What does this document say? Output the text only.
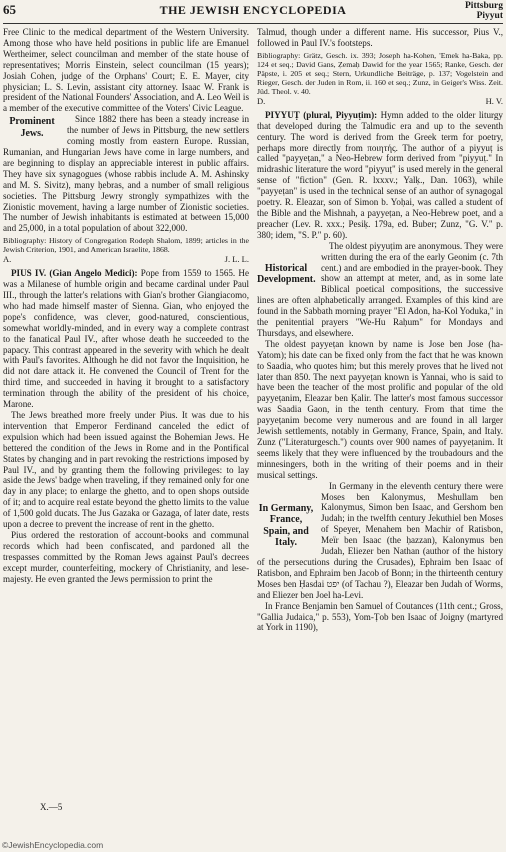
65	THE JEWISH ENCYCLOPEDIA	Pittsburg
Piyyut

Free Clinic to the medical department of the Western University. Among those who have held positions in public life are Emanuel Wertheimer, select councilman and member of the state house of representatives; Morris Einstein, select councilman (15 years); Josiah Cohen, judge of the Orphans' Court; E. E. Mayer, city physician; L. S. Levin, assistant city attorney. Isaac W. Frank is president of the National Founders' Association, and A. Leo Weil is a member of the executive committee of the Voters' Civic League.

Prominent Jews.

Since 1882 there has been a steady increase in the number of Jews in Pittsburg, the new settlers coming mostly from eastern Europe. Russian, Rumanian, and Hungarian Jews have come in large numbers, and are beginning to display an appreciable interest in public affairs. They have six synagogues (whose rabbis include A. M. Ashinsky and M. S. Sivitz), many ḥebras, and a number of small religious societies. The Pittsburg Jewry strongly sympathizes with the Zionistic movement, having a large number of Zionistic societies. The number of Jewish inhabitants is estimated at between 15,000 and 25,000, in a total population of about 322,000.

Bibliography: History of Congregation Rodeph Shalom, 1899; articles in the Jewish Criterion, 1901, and American Israelite, 1868.

A.	J. L. L.

PIUS IV. (Gian Angelo Medici): Pope from 1559 to 1565. He was a Milanese of humble origin and became cardinal under Paul III., through the latter's relations with Gian's brother Giangiacomo, who had made himself master of Sienna. Gian, who enjoyed the pope's confidence, was clever, good-natured, conscientious, somewhat worldly-minded, and in every way a complete contrast to the fanatical Paul IV., after whose death he succeeded to the papacy. This contrast appeared in the severity with which he dealt with Paul's favorites. Although he did not favor the Inquisition, he did not dare attack it. He convened the Council of Trent for the third time, and succeeded in having it brought to a satisfactory termination through the ability of the president of his choice, Marone.

The Jews breathed more freely under Pius. It was due to his intervention that Emperor Ferdinand canceled the edict of expulsion which had been issued against the Bohemian Jews. He bettered the condition of the Jews in Rome and in the Pontifical States by changing and in part revoking the restrictions imposed by Paul IV., and by granting them the following privileges: to lay aside the Jews' badge when traveling, if they remained only for one day in any place; to enlarge the ghetto, and to open shops outside of it; and to acquire real estate beyond the ghetto limits to the value of 1,500 gold ducats. The Jus Gazaka or Gazaga, of later date, rests upon a decree to prevent the increase of rent in the ghetto.

Pius ordered the restoration of account-books and communal records which had been confiscated, and pardoned all the trespasses committed by the Roman Jews against Paul's decrees except murder, counterfeiting, mockery of Christianity, and lese-majesty. He even granted the Jews permission to print the

Talmud, though under a different name. His successor, Pius V., followed in Paul IV.'s footsteps.

Bibliography: Grätz, Gesch. ix. 393; Joseph ha-Kohen, 'Emek ha-Baka, pp. 124 et seq.; David Gans, Ẓemaḥ Dawid for the year 1565; Ranke, Gesch. der Päpste, i. 205 et seq.; Stern, Urkundliche Beiträge, p. 137; Vogelstein and Rieger, Gesch. der Juden in Rom, ii. 160 et seq.; Zunz, in Geiger's Wiss. Zeit. Jüd. Theol. v. 40.

D.	H. V.

PIYYUṬ (plural, Piyyuṭim): Hymn added to the older liturgy that developed during the Talmudic era and up to the seventh century. The word is derived from the Greek term for poetry, perhaps more directly from ποιητής. The author of a piyyuṭ is called "payyeṭan," a Neo-Hebrew form derived from "piyyuṭ." In midrashic literature the word "piyyuṭ" is used merely in the general sense of "fiction" (Gen. R. lxxxv.; Yalḳ., Dan. 1063), while "payyeṭan" is used in the technical sense of an author of synagogal poetry. R. Eleazar, son of Simon b. Yoḥai, was called a student of the Bible and the Mishnah, a payyeṭan, a Neo-Hebrew poet, and a preacher (Lev. R. xxx.; Pesiḳ. 179a, ed. Buber; Zunz, "G. V." p. 380; idem, "S. P." p. 60).

Historical Development.

The oldest piyyuṭim are anonymous. They were written during the era of the early Geonim (c. 7th cent.) and are embodied in the prayer-book. They show an attempt at meter, and, as in some late Biblical poetical compositions, the successive lines are often alphabetically arranged. Examples of this kind are found in the Sabbath morning prayer "El Adon, ha-Kol Yoduka," in the penitential prayers "We-Hu Raḥum" for Mondays and Thursdays, and elsewhere.

The oldest payyeṭan known by name is Jose ben Jose (ha-Yatom); his date can be fixed only from the fact that he was known to Saadia, who quotes him; but this merely proves that he lived not later than 850. The next payyeṭan known is Yannai, who is said to have been the teacher of the most prolific and popular of the old payyeṭanim, Eleazar ben Ḳalir. The latter's most famous successor was Saadia Gaon, in the tenth century. From that time the payyeṭanim become very numerous and are found in all larger Jewish settlements, notably in Germany, France, Spain, and Italy. Zunz ("Literaturgesch.") counts over 900 names of payyeṭanim. It seems likely that they were influenced by the troubadours and the minnesingers, both in the writing of their poems and in their musical settings.

In Germany, France, Spain, and Italy.

In Germany in the eleventh century there were Moses ben Kalonymus, Meshullam ben Kalonymus, Simon ben Isaac, and Gershom ben Judah; in the twelfth century Jekuthiel ben Moses of Speyer, Menahem ben Machir of Ratisbon, Meïr ben Isaac (the ḥazzan), Kalonymus ben Judah, Eliezer ben Nathan (author of the history of the persecutions during the Crusades), Ephraim ben Isaac of Ratisbon, and Ephraim ben Jacob of Bonn; in the thirteenth century Moses ben Ḥasdai יפט (of Tachau ?), Eleazar ben Judah of Worms, and Eliezer ben Joel ha-Levi.

In France Benjamin ben Samuel of Coutances (11th cent.; Gross, "Gallia Judaica," p. 553), Yom-Ṭob ben Isaac of Joigny (martyred at York in 1190),

X.—5
©JewishEncyclopedia.com
